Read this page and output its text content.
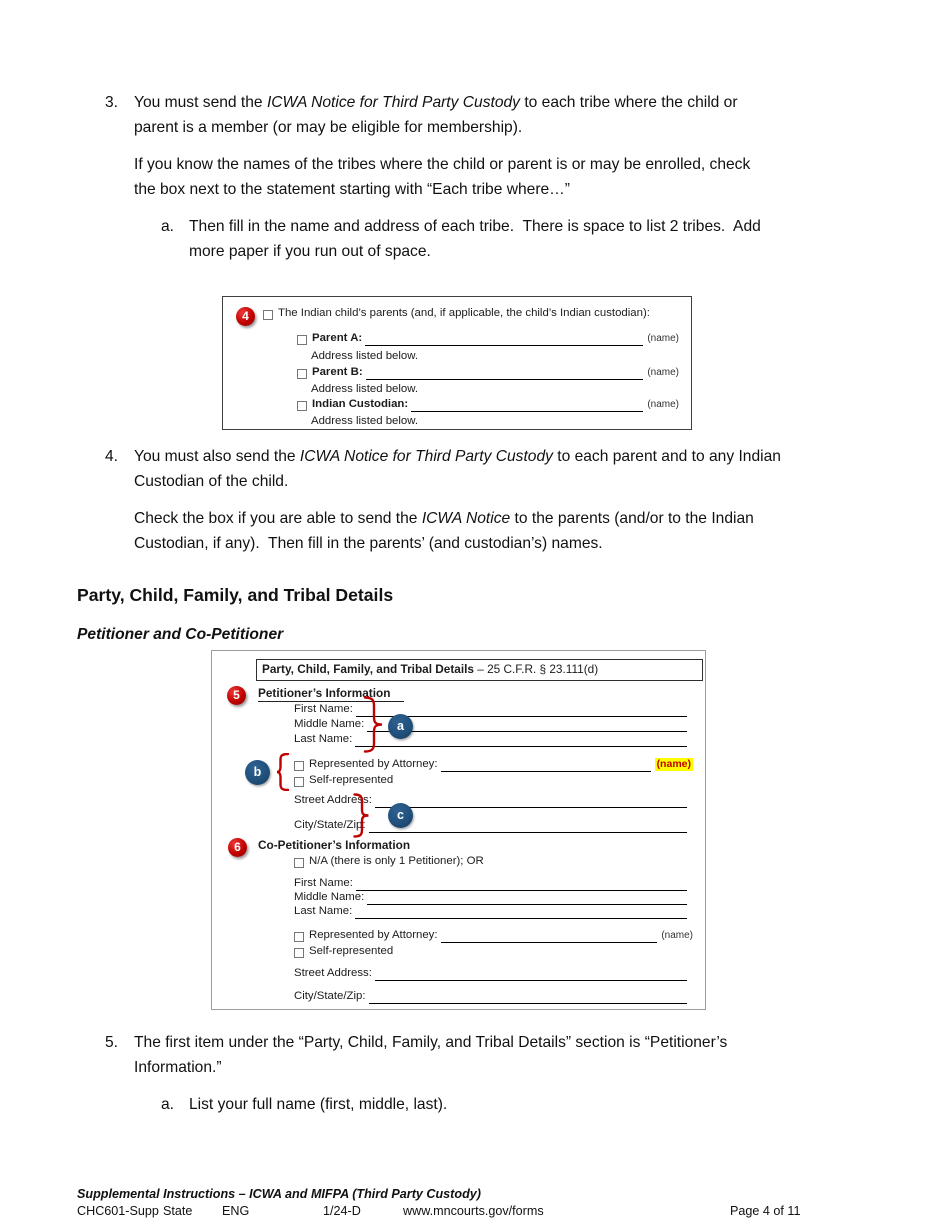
3. You must send the ICWA Notice for Third Party Custody to each tribe where the child or
parent is a member (or may be eligible for membership).
If you know the names of the tribes where the child or parent is or may be enrolled, check
the box next to the statement starting with “Each tribe where…”
a. Then fill in the name and address of each tribe.  There is space to list 2 tribes.  Add
more paper if you run out of space.
4	The Indian child’s parents (and, if applicable, the child’s Indian custodian):
Parent A:	(name)
Address listed below.
Parent B:	(name)
Address listed below.
Indian Custodian:	(name)
Address listed below.
4. You must also send the ICWA Notice for Third Party Custody to each parent and to any Indian
Custodian of the child.
Check the box if you are able to send the ICWA Notice to the parents (and/or to the Indian
Custodian, if any).  Then fill in the parents’ (and custodian’s) names.
Party, Child, Family, and Tribal Details
Petitioner and Co-Petitioner
Party, Child, Family, and Tribal Details – 25 C.F.R. § 23.111(d)
5	Petitioner’s Information
First Name:
Middle Name:
Last Name:
a
Represented by Attorney:	(name)
Self-represented
b
Street Address:
City/State/Zip:
c
6	Co-Petitioner’s Information
N/A (there is only 1 Petitioner); OR
First Name:
Middle Name:
Last Name:
Represented by Attorney:	(name)
Self-represented
Street Address:
City/State/Zip:
5. The first item under the “Party, Child, Family, and Tribal Details” section is “Petitioner’s
Information.”
a. List your full name (first, middle, last).
Supplemental Instructions – ICWA and MIFPA (Third Party Custody)
CHC601-Supp State ENG	1/24-D	www.mncourts.gov/forms	Page 4 of 11
